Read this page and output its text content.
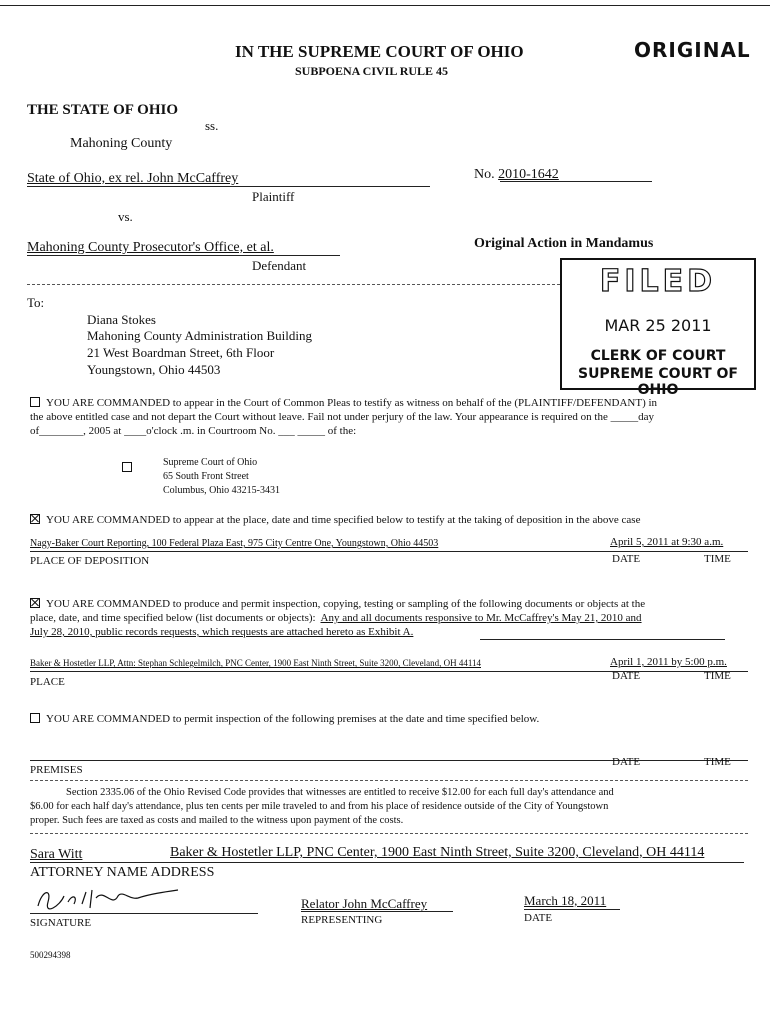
IN THE SUPREME COURT OF OHIO
SUBPOENA CIVIL RULE 45
ORIGINAL
THE STATE OF OHIO
ss.
Mahoning County
State of Ohio, ex rel. John McCaffrey
Plaintiff
vs.
No. 2010-1642
Mahoning County Prosecutor's Office, et al.
Defendant
Original Action in Mandamus
FILED
MAR 25 2011
CLERK OF COURT
SUPREME COURT OF OHIO
To:
Diana Stokes
Mahoning County Administration Building
21 West Boardman Street, 6th Floor
Youngstown, Ohio 44503
YOU ARE COMMANDED to appear in the Court of Common Pleas to testify as witness on behalf of the (PLAINTIFF/DEFENDANT) in
the above entitled case and not depart the Court without leave. Fail not under perjury of the law. Your appearance is required on the _____day
of________, 2005 at ____o'clock .m. in Courtroom No. ___ _____ of the:
Supreme Court of Ohio
65 South Front Street
Columbus, Ohio 43215-3431
YOU ARE COMMANDED to appear at the place, date and time specified below to testify at the taking of deposition in the above case
Nagy-Baker Court Reporting, 100 Federal Plaza East, 975 City Centre One, Youngstown, Ohio 44503	April 5, 2011 at 9:30 a.m.
PLACE OF DEPOSITION	DATE	TIME
YOU ARE COMMANDED to produce and permit inspection, copying, testing or sampling of the following documents or objects at the
place, date, and time specified below (list documents or objects): Any and all documents responsive to Mr. McCaffrey's May 21, 2010 and
July 28, 2010, public records requests, which requests are attached hereto as Exhibit A.
Baker & Hostetler LLP, Attn: Stephan Schlegelmilch, PNC Center, 1900 East Ninth Street, Suite 3200, Cleveland, OH 44114	April 1, 2011 by 5:00 p.m.
PLACE	DATE	TIME
YOU ARE COMMANDED to permit inspection of the following premises at the date and time specified below.
PREMISES
DATE	TIME
Section 2335.06 of the Ohio Revised Code provides that witnesses are entitled to receive $12.00 for each full day's attendance and
$6.00 for each half day's attendance, plus ten cents per mile traveled to and from his place of residence outside of the City of Youngstown
proper. Such fees are taxed as costs and mailed to the witness upon payment of the costs.
Sara Witt	Baker & Hostetler LLP, PNC Center, 1900 East Ninth Street, Suite 3200, Cleveland, OH 44114
ATTORNEY NAME ADDRESS
SIGNATURE
Relator John McCaffrey
REPRESENTING
March 18, 2011
DATE
500294398
